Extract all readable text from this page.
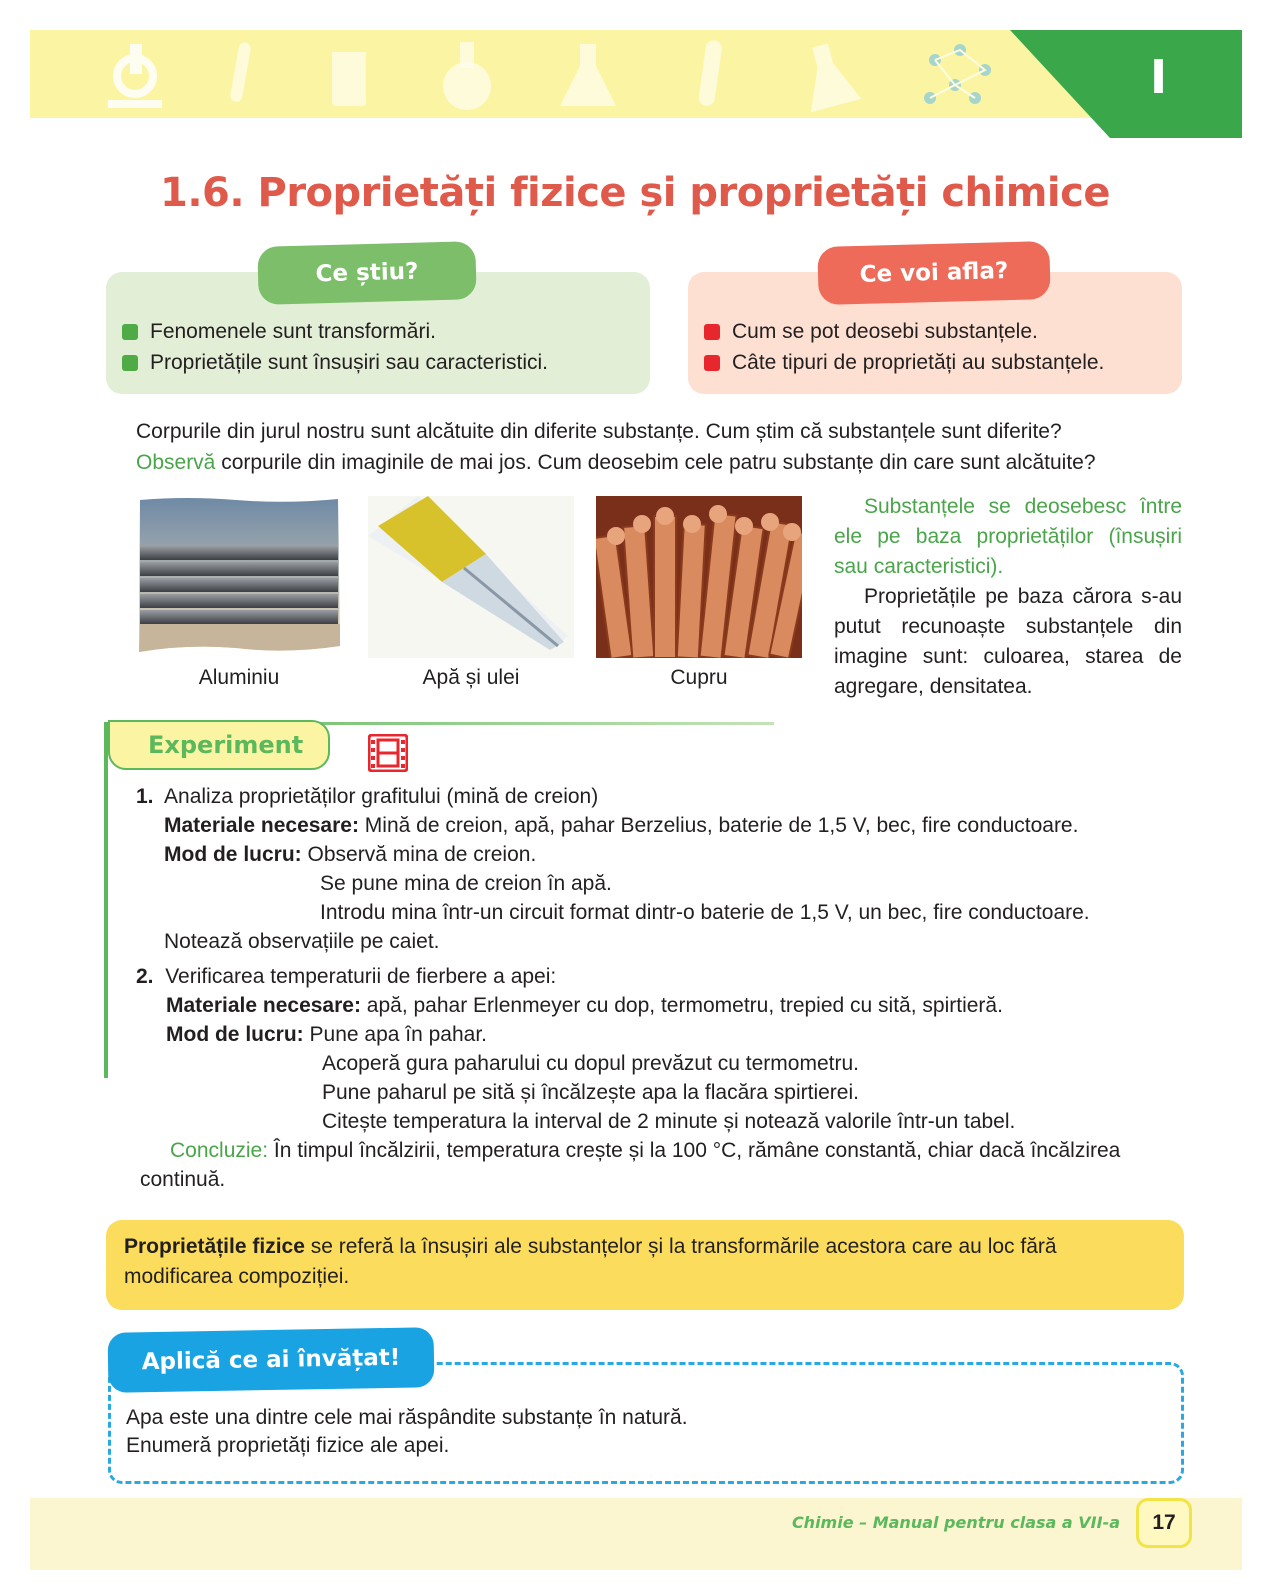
I
1.6. Proprietăți fizice și proprietăți chimice
Fenomenele sunt transformări.
Proprietățile sunt însușiri sau caracteristici.
Ce știu?
Cum se pot deosebi substanțele.
Câte tipuri de proprietăți au substanțele.
Ce voi afla?
Corpurile din jurul nostru sunt alcătuite din diferite substanțe. Cum știm că substanțele sunt diferite?
Observă corpurile din imaginile de mai jos. Cum deosebim cele patru substanțe din care sunt alcătuite?
Aluminiu	Apă și ulei	Cupru

Substanțele se deosebesc între ele pe baza proprietăților (însușiri sau caracteristici).

Proprietățile pe baza cărora s-au putut recunoaște substanțele din imagine sunt: culoarea, starea de agregare, densitatea.

Experiment
1. Analiza proprietăților grafitului (mină de creion)
Materiale necesare: Mină de creion, apă, pahar Berzelius, baterie de 1,5 V, bec, fire conductoare.
Mod de lucru: Observă mina de creion.
Se pune mina de creion în apă.
Introdu mina într-un circuit format dintr-o baterie de 1,5 V, un bec, fire conductoare.
Notează observațiile pe caiet.
2. Verificarea temperaturii de fierbere a apei:
Materiale necesare: apă, pahar Erlenmeyer cu dop, termometru, trepied cu sită, spirtieră.
Mod de lucru: Pune apa în pahar.
Acoperă gura paharului cu dopul prevăzut cu termometru.
Pune paharul pe sită și încălzește apa la flacăra spirtierei.
Citește temperatura la interval de 2 minute și notează valorile într-un tabel.
Concluzie: În timpul încălzirii, temperatura crește și la 100 °C, rămâne constantă, chiar dacă încălzirea
continuă.
Proprietățile fizice se referă la însușiri ale substanțelor și la transformările acestora care au loc fără modificarea compoziției.
Aplică ce ai învățat!
Apa este una dintre cele mai răspândite substanțe în natură.
Enumeră proprietăți fizice ale apei.
Chimie – Manual pentru clasa a VII-a	17
